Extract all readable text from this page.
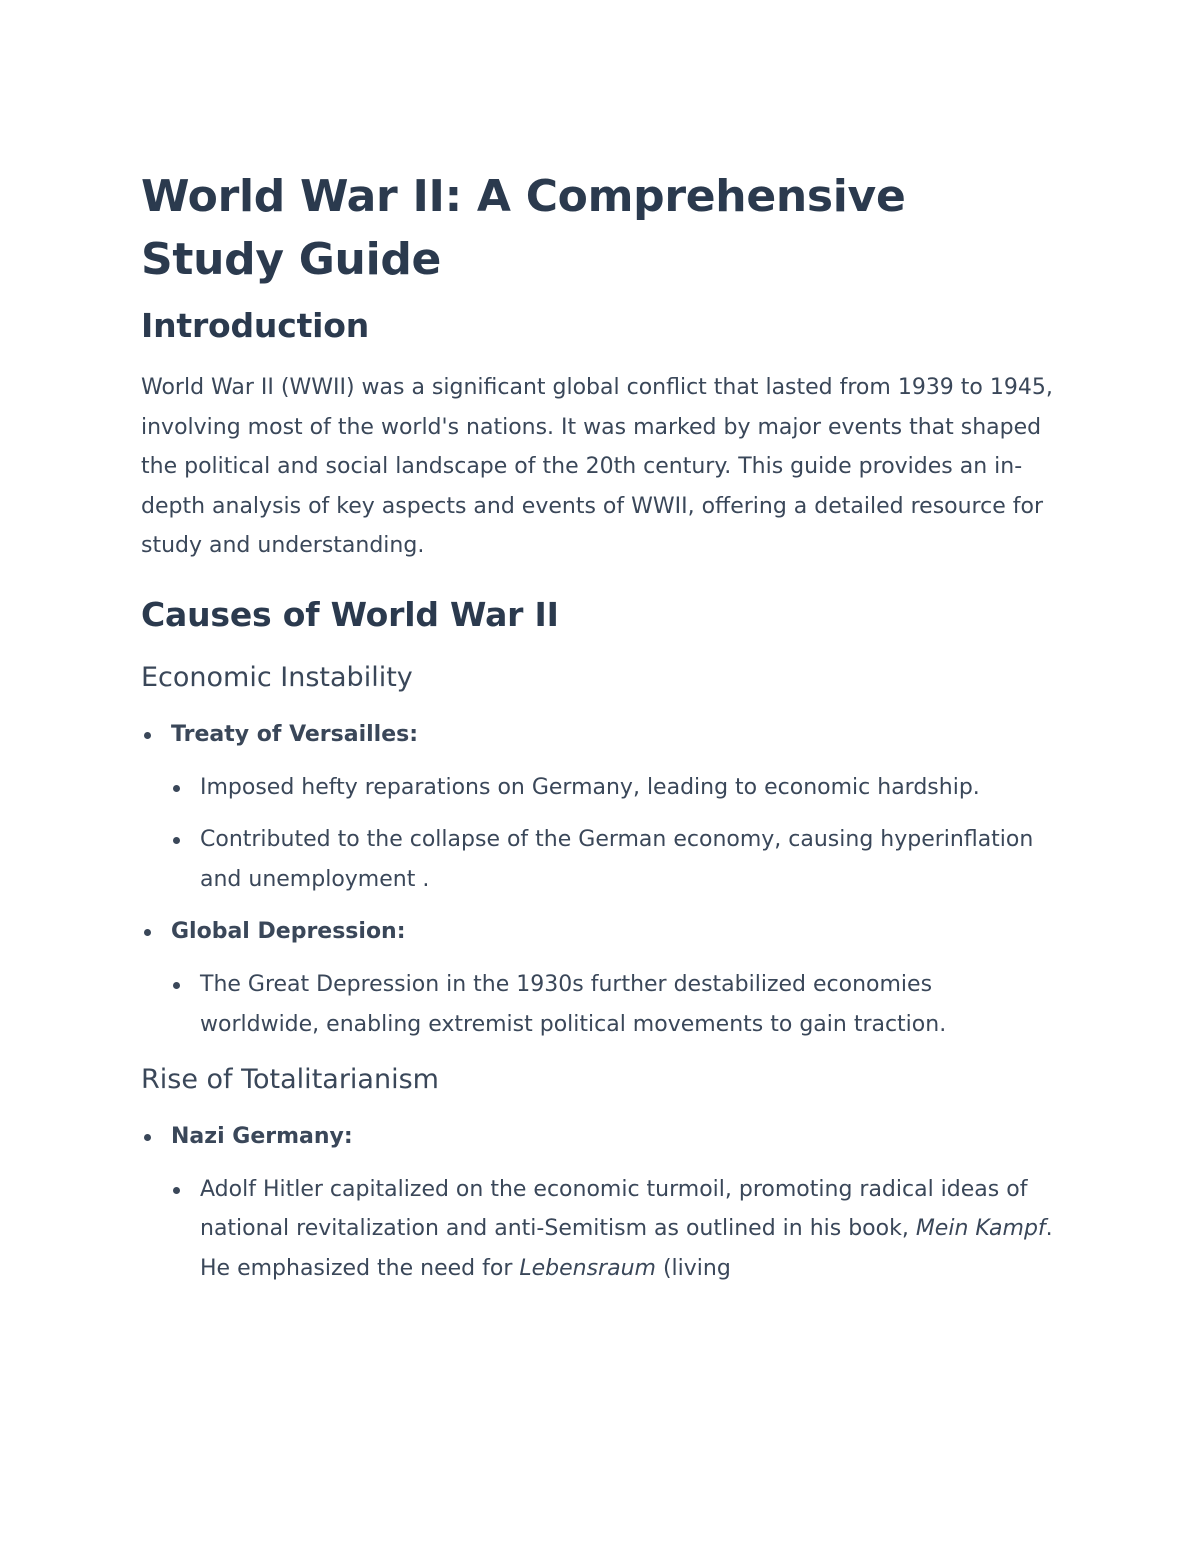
World War II: A Comprehensive Study Guide
Introduction

World War II (WWII) was a significant global conflict that lasted from 1939 to 1945, involving most of the world's nations. It was marked by major events that shaped the political and social landscape of the 20th century. This guide provides an in-depth analysis of key aspects and events of WWII, offering a detailed resource for study and understanding.

Causes of World War II
Economic Instability
Treaty of Versailles:
Imposed hefty reparations on Germany, leading to economic hardship.
Contributed to the collapse of the German economy, causing hyperinflation and unemployment .
Global Depression:
The Great Depression in the 1930s further destabilized economies worldwide, enabling extremist political movements to gain traction.
Rise of Totalitarianism
Nazi Germany:
Adolf Hitler capitalized on the economic turmoil, promoting radical ideas of national revitalization and anti-Semitism as outlined in his book, Mein Kampf. He emphasized the need for Lebensraum (living
